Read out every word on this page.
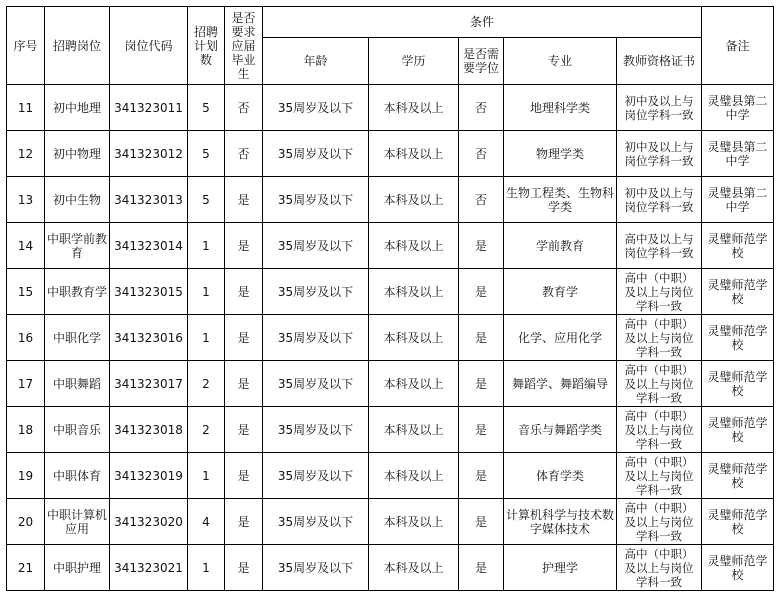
序号	招聘岗位	岗位代码	招聘计划数	是否要求应届毕业生	条件					备注
					年龄	学历	是否需要学位	专业	教师资格证书	
11	初中地理	341323011	5	否	35周岁及以下	本科及以上	否	地理科学类	初中及以上与岗位学科一致	灵璧县第二中学
12	初中物理	341323012	5	否	35周岁及以下	本科及以上	否	物理学类	初中及以上与岗位学科一致	灵璧县第二中学
13	初中生物	341323013	5	是	35周岁及以下	本科及以上	否	生物工程类、生物科学类	初中及以上与岗位学科一致	灵璧县第二中学
14	中职学前教育	341323014	1	是	35周岁及以下	本科及以上	是	学前教育	高中及以上与岗位学科一致	灵璧师范学校
15	中职教育学	341323015	1	是	35周岁及以下	本科及以上	是	教育学	高中（中职）及以上与岗位学科一致	灵璧师范学校
16	中职化学	341323016	1	是	35周岁及以下	本科及以上	是	化学、应用化学	高中（中职）及以上与岗位学科一致	灵璧师范学校
17	中职舞蹈	341323017	2	是	35周岁及以下	本科及以上	是	舞蹈学、舞蹈编导	高中（中职）及以上与岗位学科一致	灵璧师范学校
18	中职音乐	341323018	2	是	35周岁及以下	本科及以上	是	音乐与舞蹈学类	高中（中职）及以上与岗位学科一致	灵璧师范学校
19	中职体育	341323019	1	是	35周岁及以下	本科及以上	是	体育学类	高中（中职）及以上与岗位学科一致	灵璧师范学校
20	中职计算机应用	341323020	4	是	35周岁及以下	本科及以上	是	计算机科学与技术数字媒体技术	高中（中职）及以上与岗位学科一致	灵璧师范学校
21	中职护理	341323021	1	是	35周岁及以下	本科及以上	是	护理学	高中（中职）及以上与岗位学科一致	灵璧师范学校
